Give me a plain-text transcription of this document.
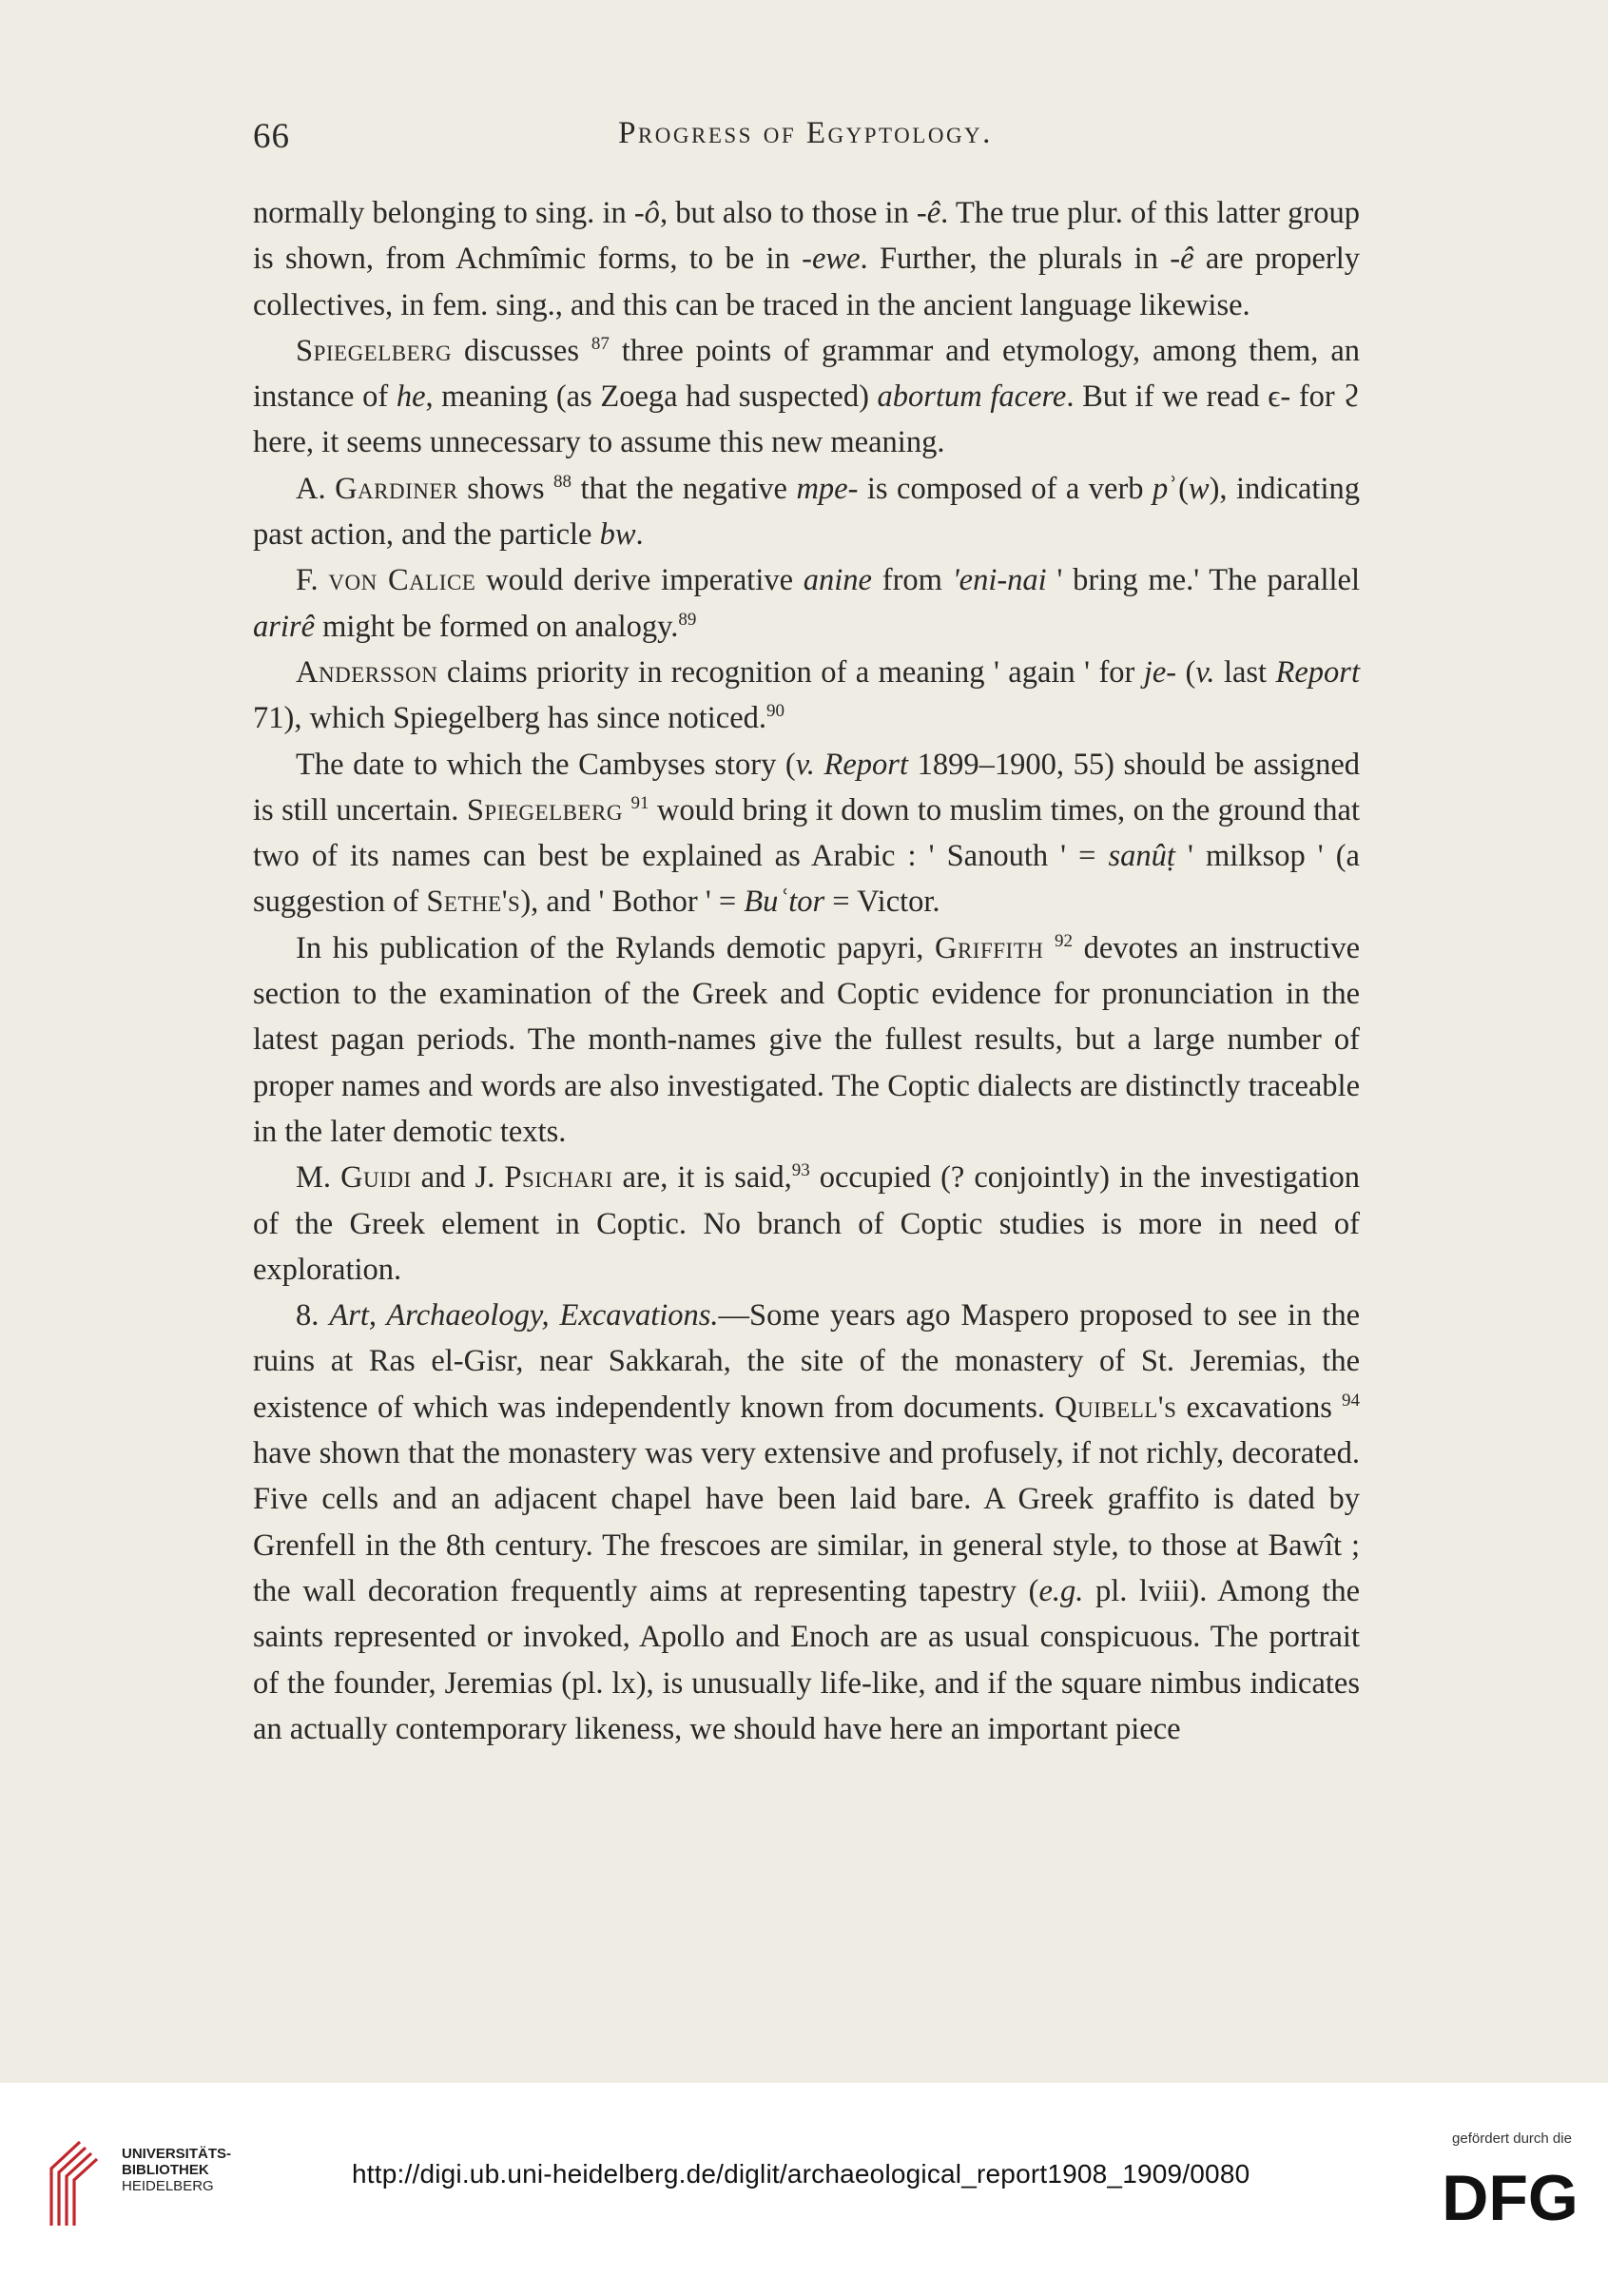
66	Progress of Egyptology.

normally belonging to sing. in -ô, but also to those in -ê. The true plur. of this latter group is shown, from Achmîmic forms, to be in -ewe. Further, the plurals in -ê are properly collectives, in fem. sing., and this can be traced in the ancient language likewise.

Spiegelberg discusses $^{87}$ three points of grammar and etymology, among them, an instance of he, meaning (as Zoega had suspected) abortum facere. But if we read ϵ- for ϩ here, it seems unnecessary to assume this new meaning.

A. Gardiner shows $^{88}$ that the negative mpe- is composed of a verb pʾ(w), indicating past action, and the particle bw.

F. von Calice would derive imperative anine from 'eni-nai ' bring me.' The parallel arirê might be formed on analogy.$^{89}$

Andersson claims priority in recognition of a meaning ' again ' for je- (v. last Report 71), which Spiegelberg has since noticed.$^{90}$

The date to which the Cambyses story (v. Report 1899–1900, 55) should be assigned is still uncertain. Spiegelberg $^{91}$ would bring it down to muslim times, on the ground that two of its names can best be explained as Arabic : ' Sanouth ' = sanûṭ ' milksop ' (a suggestion of Sethe's), and ' Bothor ' = Buʿtor = Victor.

In his publication of the Rylands demotic papyri, Griffith $^{92}$ devotes an instructive section to the examination of the Greek and Coptic evidence for pronunciation in the latest pagan periods. The month-names give the fullest results, but a large number of proper names and words are also investigated. The Coptic dialects are distinctly traceable in the later demotic texts.

M. Guidi and J. Psichari are, it is said,$^{93}$ occupied (? conjointly) in the investigation of the Greek element in Coptic. No branch of Coptic studies is more in need of exploration.

8. Art, Archaeology, Excavations.—Some years ago Maspero proposed to see in the ruins at Ras el-Gisr, near Sakkarah, the site of the monastery of St. Jeremias, the existence of which was independently known from documents. Quibell's excavations $^{94}$ have shown that the monastery was very extensive and profusely, if not richly, decorated. Five cells and an adjacent chapel have been laid bare. A Greek graffito is dated by Grenfell in the 8th century. The frescoes are similar, in general style, to those at Bawît ; the wall decoration frequently aims at representing tapestry (e.g. pl. lviii). Among the saints represented or invoked, Apollo and Enoch are as usual conspicuous. The portrait of the founder, Jeremias (pl. lx), is unusually life-like, and if the square nimbus indicates an actually contemporary likeness, we should have here an important piece

UNIVERSITÄTS-
BIBLIOTHEK
HEIDELBERG	http://digi.ub.uni-heidelberg.de/diglit/archaeological_report1908_1909/0080
gefördert durch die
DFG
